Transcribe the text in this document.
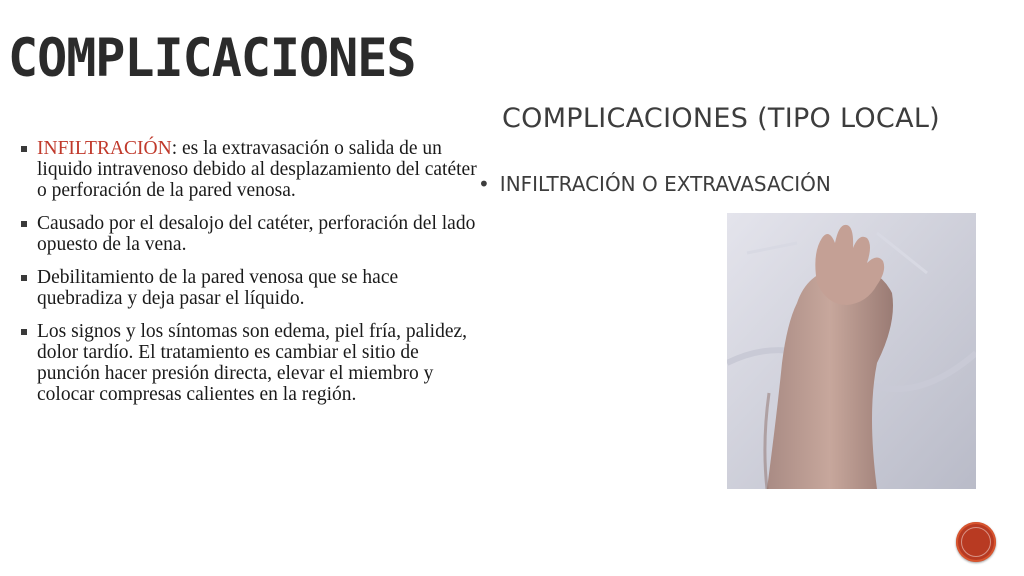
COMPLICACIONES
INFILTRACIÓN: es la extravasación o salida de un liquido intravenoso debido al desplazamiento del catéter o perforación de la pared venosa.
Causado por el desalojo del catéter, perforación del lado opuesto de la vena.
Debilitamiento de la pared venosa que se hace quebradiza y deja pasar el líquido.
Los signos y los síntomas son edema, piel fría, palidez, dolor tardío. El tratamiento es cambiar el sitio de punción hacer presión directa, elevar el miembro y colocar compresas calientes en la región.
COMPLICACIONES (TIPO LOCAL)
• INFILTRACIÓN O EXTRAVASACIÓN
